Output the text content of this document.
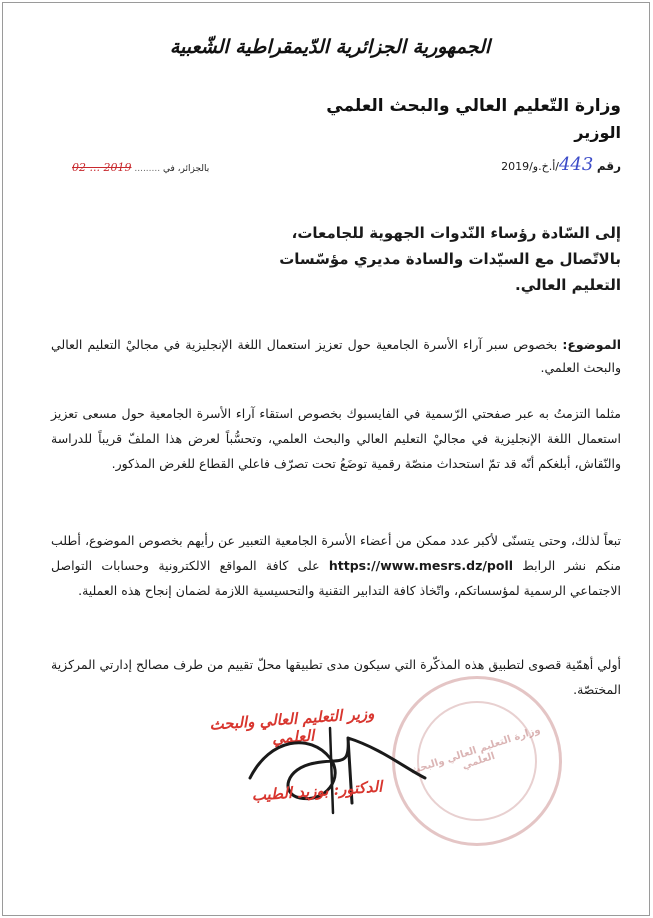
الجمهورية الجزائرية الدّيمقراطية الشّعبية
وزارة التّعليم العالي والبحث العلمي
الوزير
رقم 443/أ.خ.و/2019
بالجزائر، في ......... 2019 ... 02
إلى السّادة رؤساء النّدوات الجهوية للجامعات،
بالاتّصال مع السيّدات والسادة مديري مؤسّسات
التعليم العالي.
الموضوع: بخصوص سبر آراء الأسرة الجامعية حول تعزيز استعمال اللغة الإنجليزية في مجاليْ التعليم العالي والبحث العلمي.
مثلما التزمتُ به عبر صفحتي الرّسمية في الفايسبوك بخصوص استقاء آراء الأسرة الجامعية حول مسعى تعزيز استعمال اللغة الإنجليزية في مجاليْ التعليم العالي والبحث العلمي، وتحسُّباً لعرض هذا الملفّ قريباً للدراسة والنّقاش، أبلغكم أنّه قد تمّ استحداث منصّة رقمية توضَعُ تحت تصرّف فاعلي القطاع للغرض المذكور.
تبعاً لذلك، وحتى يتسنّى لأكبر عدد ممكن من أعضاء الأسرة الجامعية التعبير عن رأيهم بخصوص الموضوع، أطلب منكم نشر الرابط https://www.mesrs.dz/poll على كافة المواقع الالكترونية وحسابات التواصل الاجتماعي الرسمية لمؤسساتكم، واتّخاذ كافة التدابير التقنية والتحسيسية اللازمة لضمان إنجاح هذه العملية.
أولي أهمّية قصوى لتطبيق هذه المذكّرة التي سيكون مدى تطبيقها محلّ تقييم من طرف مصالح إدارتي المركزية المختصّة.
وزارة التعليم العالي والبحث العلمي
وزير التعليم العالي والبحث العلمي
الدكتور: بوزيد الطيب
